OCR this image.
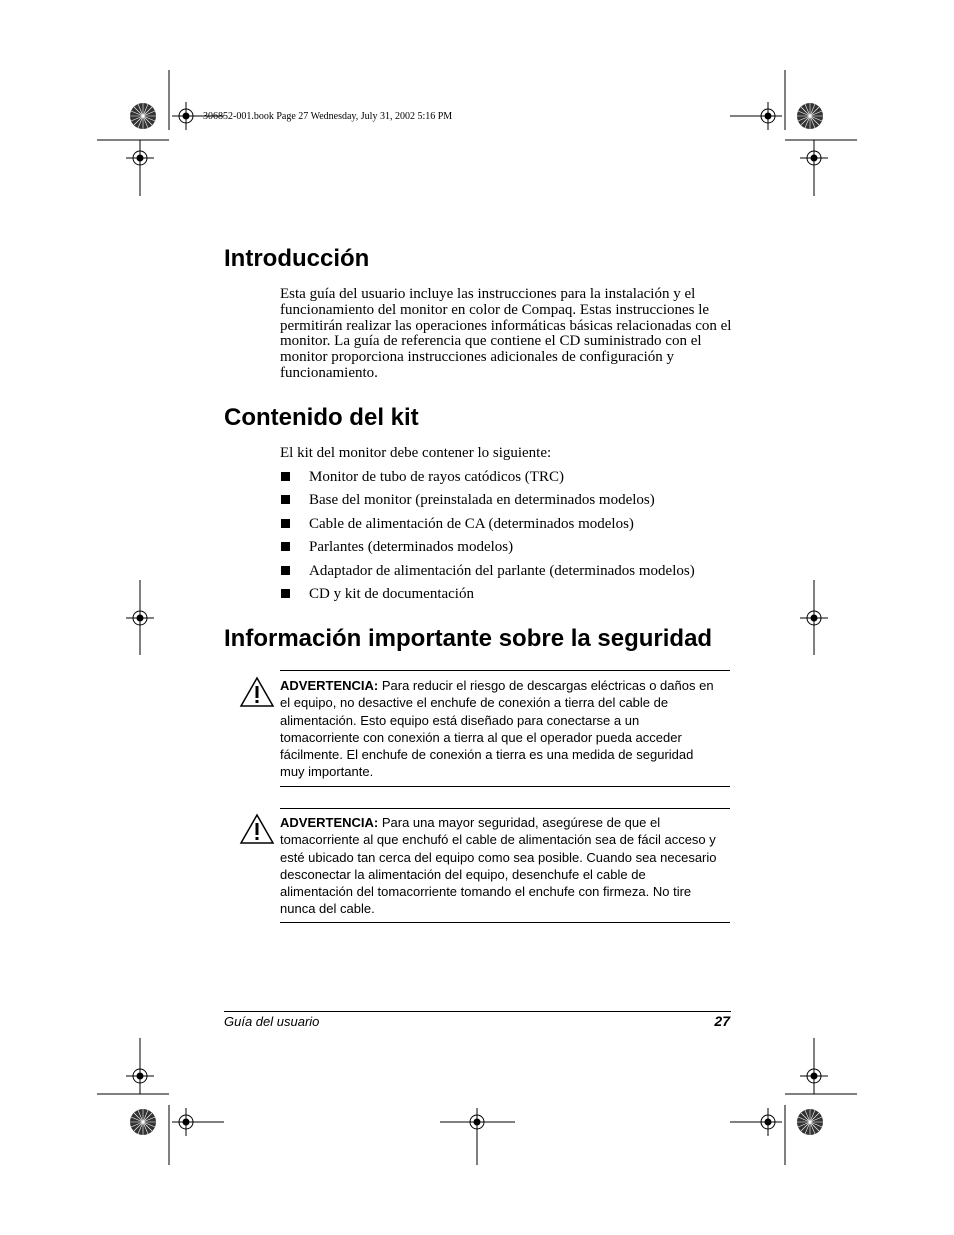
306852-001.book Page 27 Wednesday, July 31, 2002 5:16 PM
Introducción

Esta guía del usuario incluye las instrucciones para la instalación y el funcionamiento del monitor en color de Compaq. Estas instrucciones le permitirán realizar las operaciones informáticas básicas relacionadas con el monitor. La guía de referencia que contiene el CD suministrado con el monitor proporciona instrucciones adicionales de configuración y funcionamiento.

Contenido del kit

El kit del monitor debe contener lo siguiente:

Monitor de tubo de rayos catódicos (TRC)
Base del monitor (preinstalada en determinados modelos)
Cable de alimentación de CA (determinados modelos)
Parlantes (determinados modelos)
Adaptador de alimentación del parlante (determinados modelos)
CD y kit de documentación
Información importante sobre la seguridad
ADVERTENCIA: Para reducir el riesgo de descargas eléctricas o daños en el equipo, no desactive el enchufe de conexión a tierra del cable de alimentación. Esto equipo está diseñado para conectarse a un tomacorriente con conexión a tierra al que el operador pueda acceder fácilmente. El enchufe de conexión a tierra es una medida de seguridad muy importante.
ADVERTENCIA: Para una mayor seguridad, asegúrese de que el tomacorriente al que enchufó el cable de alimentación sea de fácil acceso y esté ubicado tan cerca del equipo como sea posible. Cuando sea necesario desconectar la alimentación del equipo, desenchufe el cable de alimentación del tomacorriente tomando el enchufe con firmeza. No tire nunca del cable.
Guía del usuario	27
